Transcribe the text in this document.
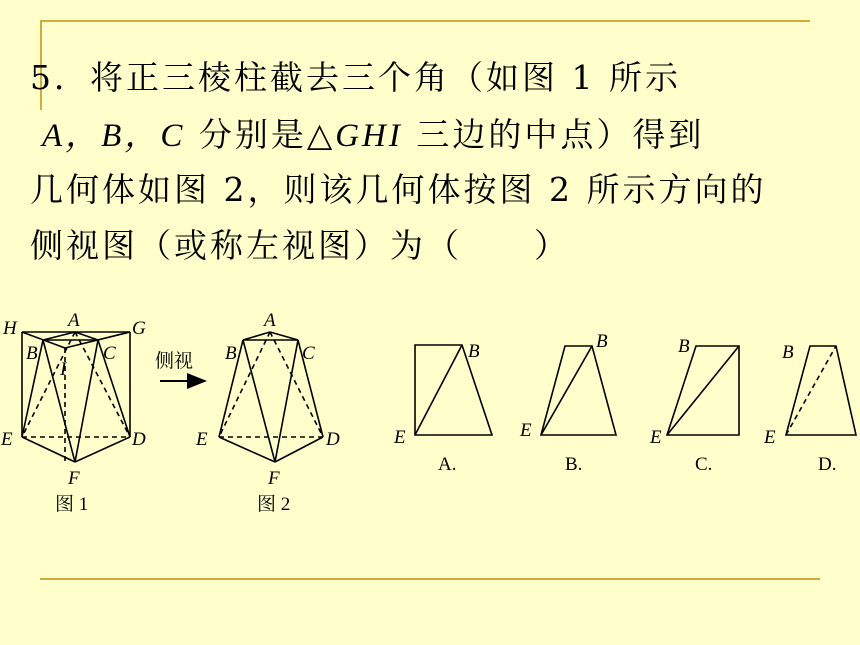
5．将正三棱柱截去三个角（如图 1 所示
A，B，C 分别是△GHI 三边的中点）得到
几何体如图 2，则该几何体按图 2 所示方向的
侧视图（或称左视图）为（　　）
H	A	G
B	C
I
E	D
F
图 1
侧视
A
B	C
E	D
F
图 2
B
E
A.
B
E
B.
B
E
C.
B
E
D.
